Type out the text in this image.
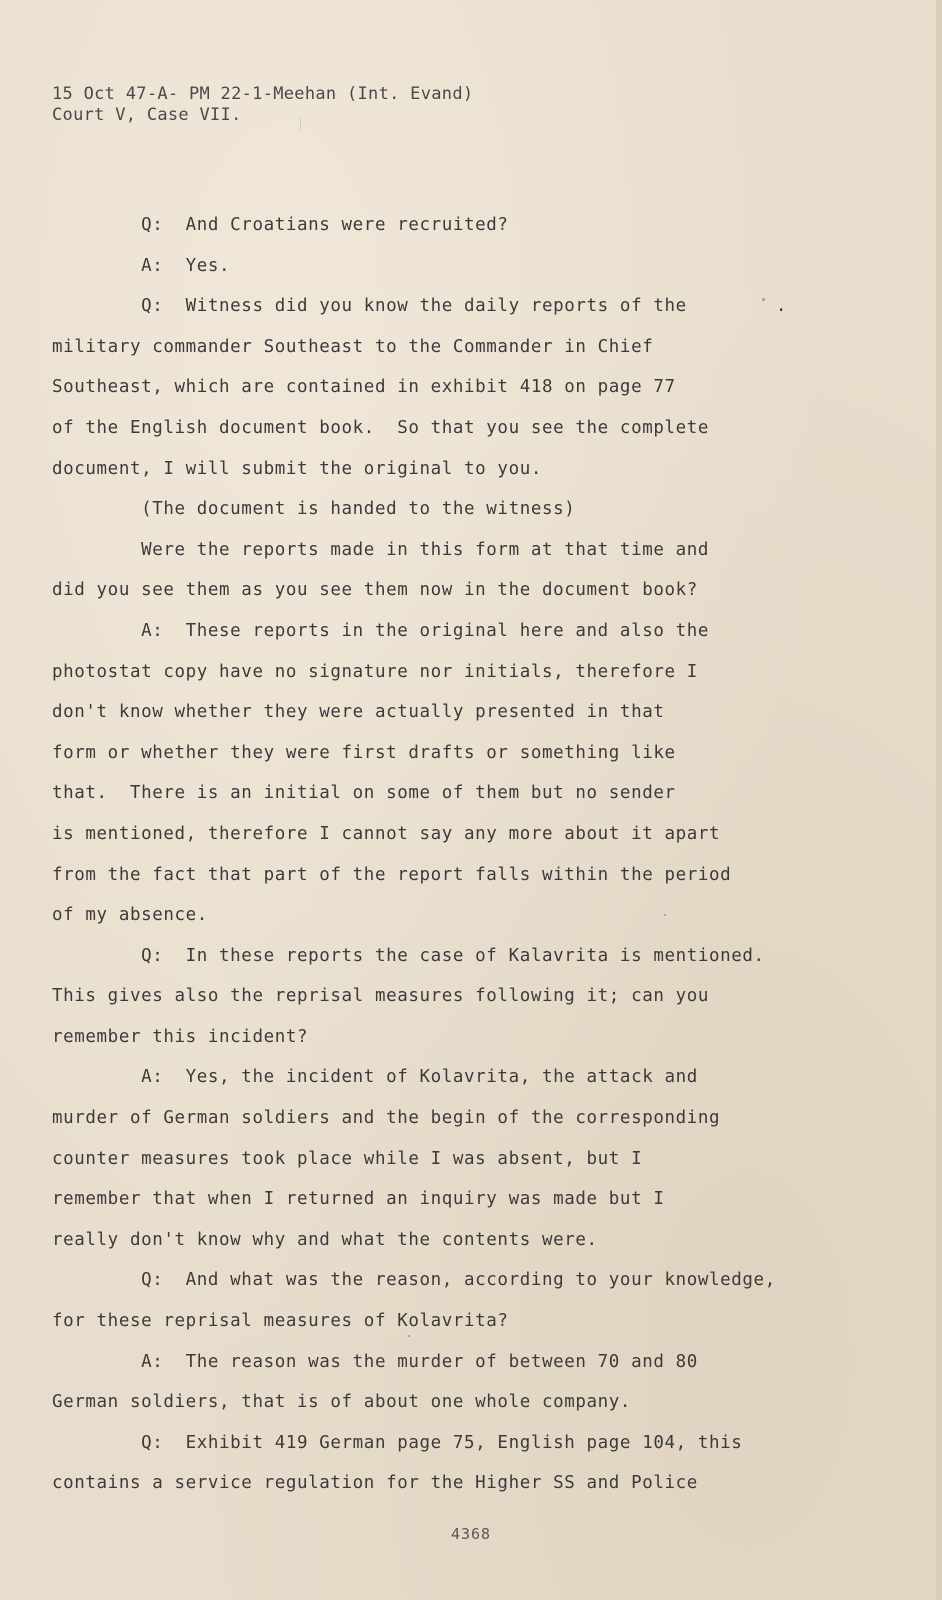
15 Oct 47-A- PM 22-1-Meehan (Int. Evand)
Court V, Case VII.
Q:  And Croatians were recruited?
A:  Yes.
Q:  Witness did you know the daily reports of the        .
military commander Southeast to the Commander in Chief
Southeast, which are contained in exhibit 418 on page 77
of the English document book.  So that you see the complete
document, I will submit the original to you.
(The document is handed to the witness)
Were the reports made in this form at that time and
did you see them as you see them now in the document book?
A:  These reports in the original here and also the
photostat copy have no signature nor initials, therefore I
don't know whether they were actually presented in that
form or whether they were first drafts or something like
that.  There is an initial on some of them but no sender
is mentioned, therefore I cannot say any more about it apart
from the fact that part of the report falls within the period
of my absence.
Q:  In these reports the case of Kalavrita is mentioned.
This gives also the reprisal measures following it; can you
remember this incident?
A:  Yes, the incident of Kolavrita, the attack and
murder of German soldiers and the begin of the corresponding
counter measures took place while I was absent, but I
remember that when I returned an inquiry was made but I
really don't know why and what the contents were.
Q:  And what was the reason, according to your knowledge,
for these reprisal measures of Kolavrita?
A:  The reason was the murder of between 70 and 80
German soldiers, that is of about one whole company.
Q:  Exhibit 419 German page 75, English page 104, this
contains a service regulation for the Higher SS and Police
4368
